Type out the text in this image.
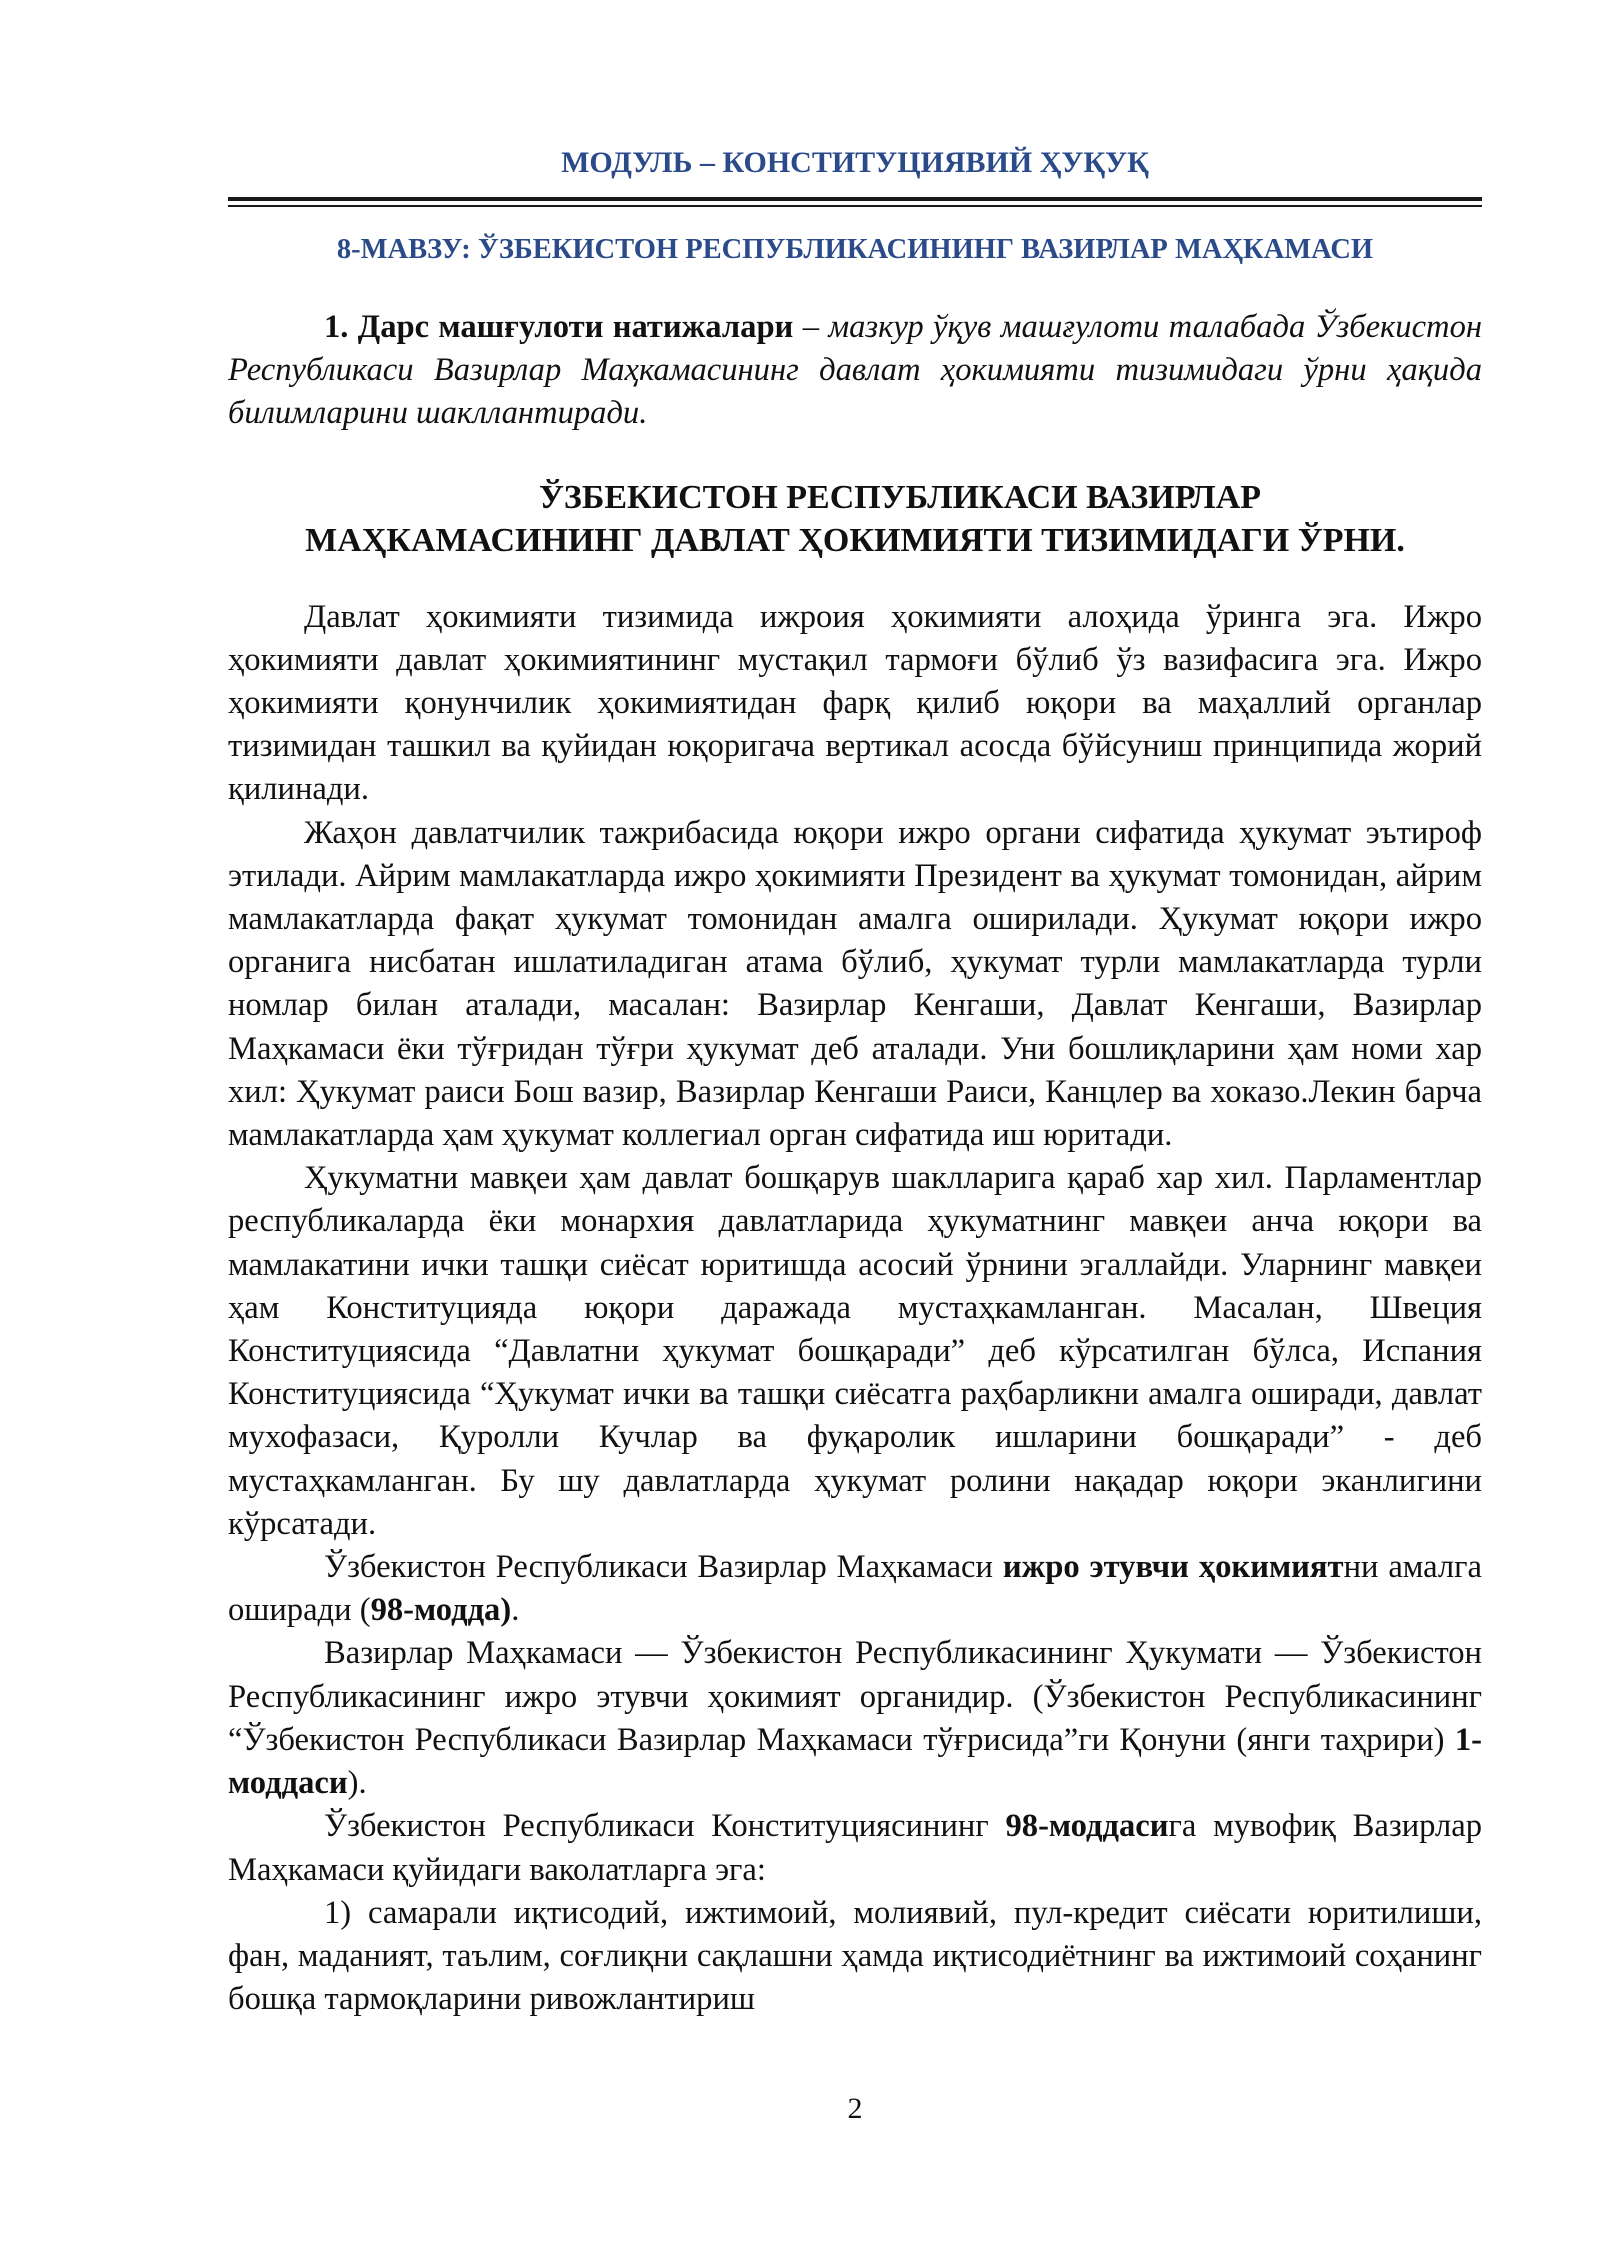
МОДУЛЬ – КОНСТИТУЦИЯВИЙ ҲУҚУҚ
8-МАВЗУ: ЎЗБЕКИСТОН РЕСПУБЛИКАСИНИНГ ВАЗИРЛАР МАҲКАМАСИ

1. Дарс машғулоти натижалари – мазкур ўқув машғулоти талабада Ўзбекистон Республикаси Вазирлар Маҳкамасининг давлат ҳокимияти тизимидаги ўрни ҳақида билимларини шакллантиради.

ЎЗБЕКИСТОН РЕСПУБЛИКАСИ ВАЗИРЛАР
МАҲКАМАСИНИНГ ДАВЛАТ ҲОКИМИЯТИ ТИЗИМИДАГИ ЎРНИ.

Давлат ҳокимияти тизимида ижроия ҳокимияти алоҳида ўринга эга. Ижро ҳокимияти давлат ҳокимиятининг мустақил тармоғи бўлиб ўз вазифасига эга. Ижро ҳокимияти қонунчилик ҳокимиятидан фарқ қилиб юқори ва маҳаллий органлар тизимидан ташкил ва қуйидан юқоригача вертикал асосда бўйсуниш принципида жорий қилинади.

Жаҳон давлатчилик тажрибасида юқори ижро органи сифатида ҳукумат эътироф этилади. Айрим мамлакатларда ижро ҳокимияти Президент ва ҳукумат томонидан, айрим мамлакатларда фақат ҳукумат томонидан амалга оширилади. Ҳукумат юқори ижро органига нисбатан ишлатиладиган атама бўлиб, ҳукумат турли мамлакатларда турли номлар билан аталади, масалан: Вазирлар Кенгаши, Давлат Кенгаши, Вазирлар Маҳкамаси ёки тўғридан тўғри ҳукумат деб аталади. Уни бошлиқларини ҳам номи хар хил: Ҳукумат раиси Бош вазир, Вазирлар Кенгаши Раиси, Канцлер ва хоказо.Лекин барча мамлакатларда ҳам ҳукумат коллегиал орган сифатида иш юритади.

Ҳукуматни мавқеи ҳам давлат бошқарув шаклларига қараб хар хил. Парламентлар республикаларда ёки монархия давлатларида ҳукуматнинг мавқеи анча юқори ва мамлакатини ички ташқи сиёсат юритишда асосий ўрнини эгаллайди. Уларнинг мавқеи ҳам Конституцияда юқори даражада мустаҳкамланган. Масалан, Швеция Конституциясида “Давлатни ҳукумат бошқаради” деб кўрсатилган бўлса, Испания Конституциясида “Ҳукумат ички ва ташқи сиёсатга раҳбарликни амалга оширади, давлат мухофазаси, Қуролли Кучлар ва фуқаролик ишларини бошқаради” - деб мустаҳкамланган. Бу шу давлатларда ҳукумат ролини нақадар юқори эканлигини кўрсатади.

Ўзбекистон Республикаси Вазирлар Маҳкамаси ижро этувчи ҳокимиятни амалга оширади (98-модда).

Вазирлар Маҳкамаси — Ўзбекистон Республикасининг Ҳукумати — Ўзбекистон Республикасининг ижро этувчи ҳокимият органидир. (Ўзбекистон Республикасининг “Ўзбекистон Республикаси Вазирлар Маҳкамаси тўғрисида”ги Қонуни (янги таҳрири) 1-моддаси).

Ўзбекистон Республикаси Конституциясининг 98-моддасига мувофиқ Вазирлар Маҳкамаси қуйидаги ваколатларга эга:

1) самарали иқтисодий, ижтимоий, молиявий, пул-кредит сиёсати юритилиши, фан, маданият, таълим, соғлиқни сақлашни ҳамда иқтисодиётнинг ва ижтимоий соҳанинг бошқа тармоқларини ривожлантириш

2
